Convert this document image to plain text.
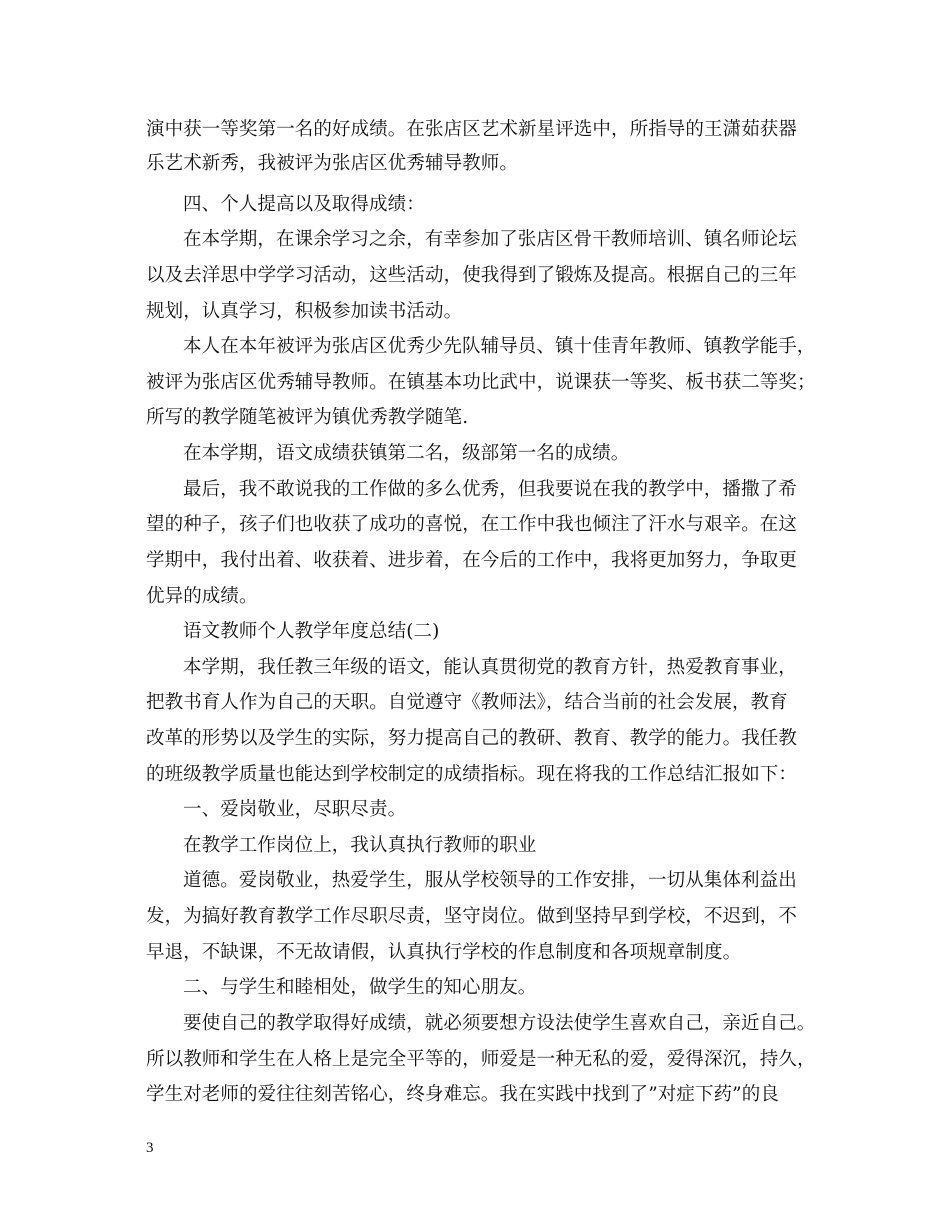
演中获一等奖第一名的好成绩。在张店区艺术新星评选中，所指导的王潇茹获器
乐艺术新秀，我被评为张店区优秀辅导教师。
四、个人提高以及取得成绩：
在本学期，在课余学习之余，有幸参加了张店区骨干教师培训、镇名师论坛
以及去洋思中学学习活动，这些活动，使我得到了锻炼及提高。根据自己的三年
规划，认真学习，积极参加读书活动。
本人在本年被评为张店区优秀少先队辅导员、镇十佳青年教师、镇教学能手，
被评为张店区优秀辅导教师。在镇基本功比武中，说课获一等奖、板书获二等奖；
所写的教学随笔被评为镇优秀教学随笔.
在本学期，语文成绩获镇第二名，级部第一名的成绩。
最后，我不敢说我的工作做的多么优秀，但我要说在我的教学中，播撒了希
望的种子，孩子们也收获了成功的喜悦，在工作中我也倾注了汗水与艰辛。在这
学期中，我付出着、收获着、进步着，在今后的工作中，我将更加努力，争取更
优异的成绩。
语文教师个人教学年度总结(二)
本学期，我任教三年级的语文，能认真贯彻党的教育方针，热爱教育事业，
把教书育人作为自己的天职。自觉遵守《教师法》，结合当前的社会发展，教育
改革的形势以及学生的实际，努力提高自己的教研、教育、教学的能力。我任教
的班级教学质量也能达到学校制定的成绩指标。现在将我的工作总结汇报如下：
一、爱岗敬业，尽职尽责。
在教学工作岗位上，我认真执行教师的职业
道德。爱岗敬业，热爱学生，服从学校领导的工作安排，一切从集体利益出
发，为搞好教育教学工作尽职尽责，坚守岗位。做到坚持早到学校，不迟到，不
早退，不缺课，不无故请假，认真执行学校的作息制度和各项规章制度。
二、与学生和睦相处，做学生的知心朋友。
要使自己的教学取得好成绩，就必须要想方设法使学生喜欢自己，亲近自己。
所以教师和学生在人格上是完全平等的，师爱是一种无私的爱，爱得深沉，持久，
学生对老师的爱往往刻苦铭心，终身难忘。我在实践中找到了”对症下药”的良
3
